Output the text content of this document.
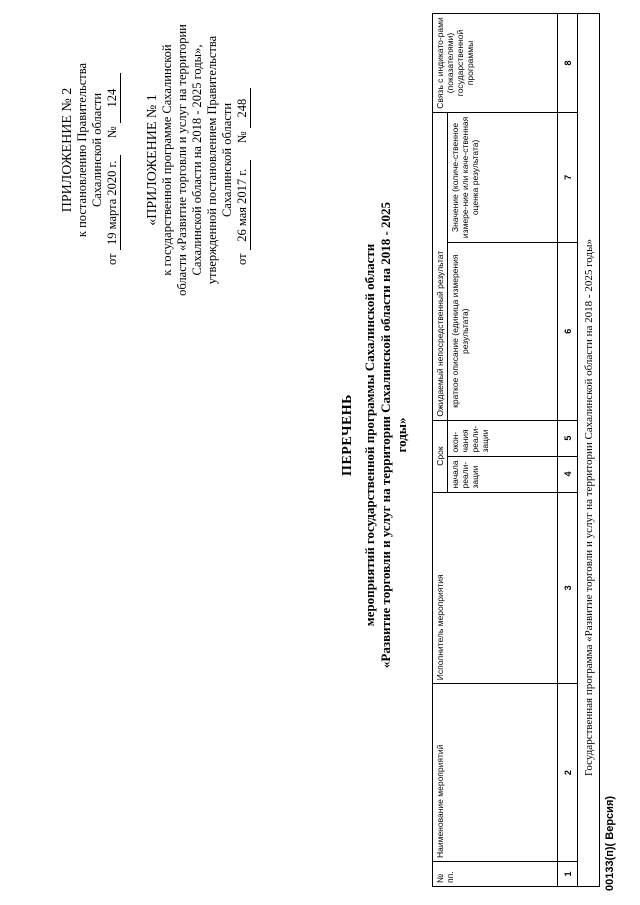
ПРИЛОЖЕНИЕ № 2 к постановлению Правительства Сахалинской области
от 19 марта 2020 г. № 124 «ПРИЛОЖЕНИЕ № 1 к государственной программе Сахалинской области «Развитие торговли и услуг на территории Сахалинской области на 2018 - 2025 годы», утвержденной постановлением Правительства Сахалинской области
от 26 мая 2017 г. № 248
ПЕРЕЧЕНЬ мероприятий государственной программы Сахалинской области «Развитие торговли и услуг на территории Сахалинской области на 2018 - 2025 годы»
№ пп.	Наименование мероприятий	Исполнитель мероприятия	Срок		Ожидаемый непосредственный результат		Связь с индикато-рами (показателями) государственной программы
			начала реали-зации	окон-чания реали-зации	краткое описание (единица измерения результата)	Значение (количе-ственное измере-ние или каче-ственная оценка результата)	
1	2	3	4	5	6	7	8
Государственная программа «Развитие торговли и услуг на территории Сахалинской области на 2018 - 2025 годы»							
00133(п)( Версия)
